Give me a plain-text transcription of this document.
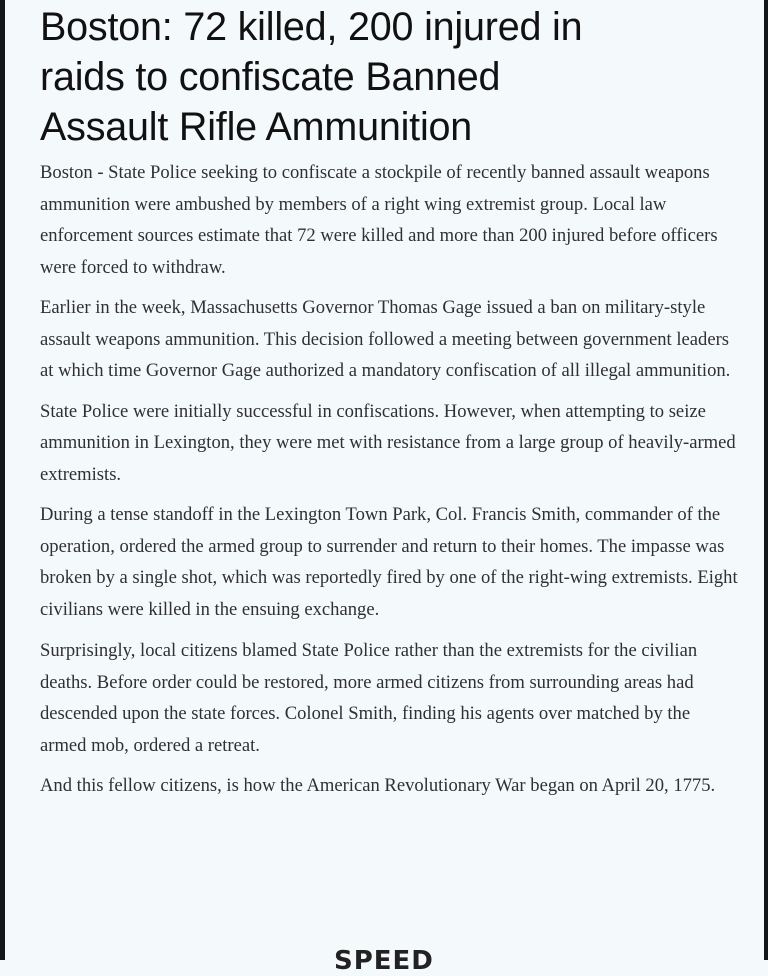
Boston: 72 killed, 200 injured in
raids to confiscate Banned
Assault Rifle Ammunition

Boston - State Police seeking to confiscate a stockpile of recently banned assault weapons ammunition were ambushed by members of a right wing extremist group. Local law enforcement sources estimate that 72 were killed and more than 200 injured before officers were forced to withdraw.

Earlier in the week, Massachusetts Governor Thomas Gage issued a ban on military-style assault weapons ammunition. This decision followed a meeting between government leaders at which time Governor Gage authorized a mandatory confiscation of all illegal ammunition.

State Police were initially successful in confiscations. However, when attempting to seize ammunition in Lexington, they were met with resistance from a large group of heavily-armed extremists.

During a tense standoff in the Lexington Town Park, Col. Francis Smith, commander of the operation, ordered the armed group to surrender and return to their homes. The impasse was broken by a single shot, which was reportedly fired by one of the right-wing extremists. Eight civilians were killed in the ensuing exchange.

Surprisingly, local citizens blamed State Police rather than the extremists for the civilian deaths. Before order could be restored, more armed citizens from surrounding areas had descended upon the state forces. Colonel Smith, finding his agents over matched by the armed mob, ordered a retreat.

And this fellow citizens, is how the American Revolutionary War began on April 20, 1775.

SPEED
